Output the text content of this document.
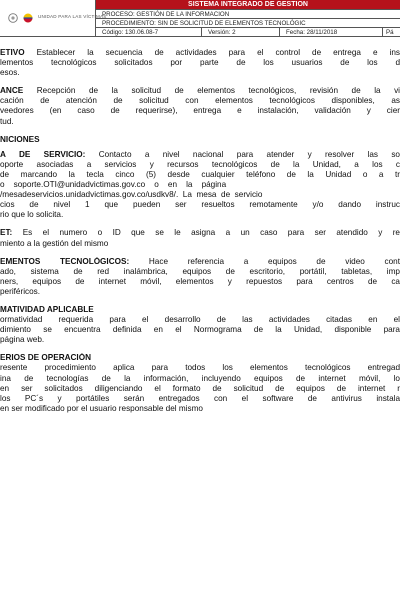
UNIDAD PARA LAS VÍCTIMAS
SISTEMA INTEGRADO DE GESTION
PROCESO: GESTIÓN DE LA INFORMACION
PROCEDIMIENTO: SIN DE SOLICITUD DE ELEMENTOS TECNOLÓGIC
Código: 130.06.08-7	Versión: 2	Fecha: 28/11/2018	Pá
ETIVO Establecer la secuencia de actividades para el control de entrega e ins
lementos tecnológicos solicitados por parte de los usuarios de los d
esos.
ANCE Recepción de la solicitud de elementos tecnológicos, revisión de la vi
cación de atención de solicitud con elementos tecnológicos disponibles, as
veedores (en caso de requerirse), entrega e instalación, validación y cier
tud.
NICIONES
A DE SERVICIO: Contacto a nivel nacional para atender y resolver las so
oporte asociadas a servicios y recursos tecnológicos de la Unidad, a los c
de marcando la tecla cinco (5) desde cualquier teléfono de la Unidad o a tr
o    soporte.OTI@unidadvictimas.gov.co    o    en    la    página
/mesadeservicios.unidadvictimas.gov.co/usdkv8/.  La  mesa  de  servicio
cios de nivel 1 que pueden ser resueltos remotamente y/o dando instruc
rio que lo solicita.
ET: Es el numero o ID que se le asigna a un caso para ser atendido y re
miento a la gestión del mismo
EMENTOS TECNOLÓGICOS: Hace referencia a equipos de video cont
ado, sistema de red inalámbrica, equipos de escritorio, portátil, tabletas, imp
ners, equipos de internet móvil, elementos y repuestos para centros de ca
periféricos.
MATIVIDAD APLICABLE
ormatividad requerida para el desarrollo de las actividades citadas en el
dimiento se encuentra definida en el Normograma de la Unidad, disponible para
página web.
ERIOS DE OPERACIÓN
resente procedimiento aplica para todos los elementos tecnológicos entregad
ina de tecnologías de la información, incluyendo equipos de internet móvil, lo
en ser solicitados diligenciando el formato de solicitud de equipos de internet r
los PC´s y portátiles serán entregados con el software de antivirus instala
en ser modificado por el usuario responsable del mismo
